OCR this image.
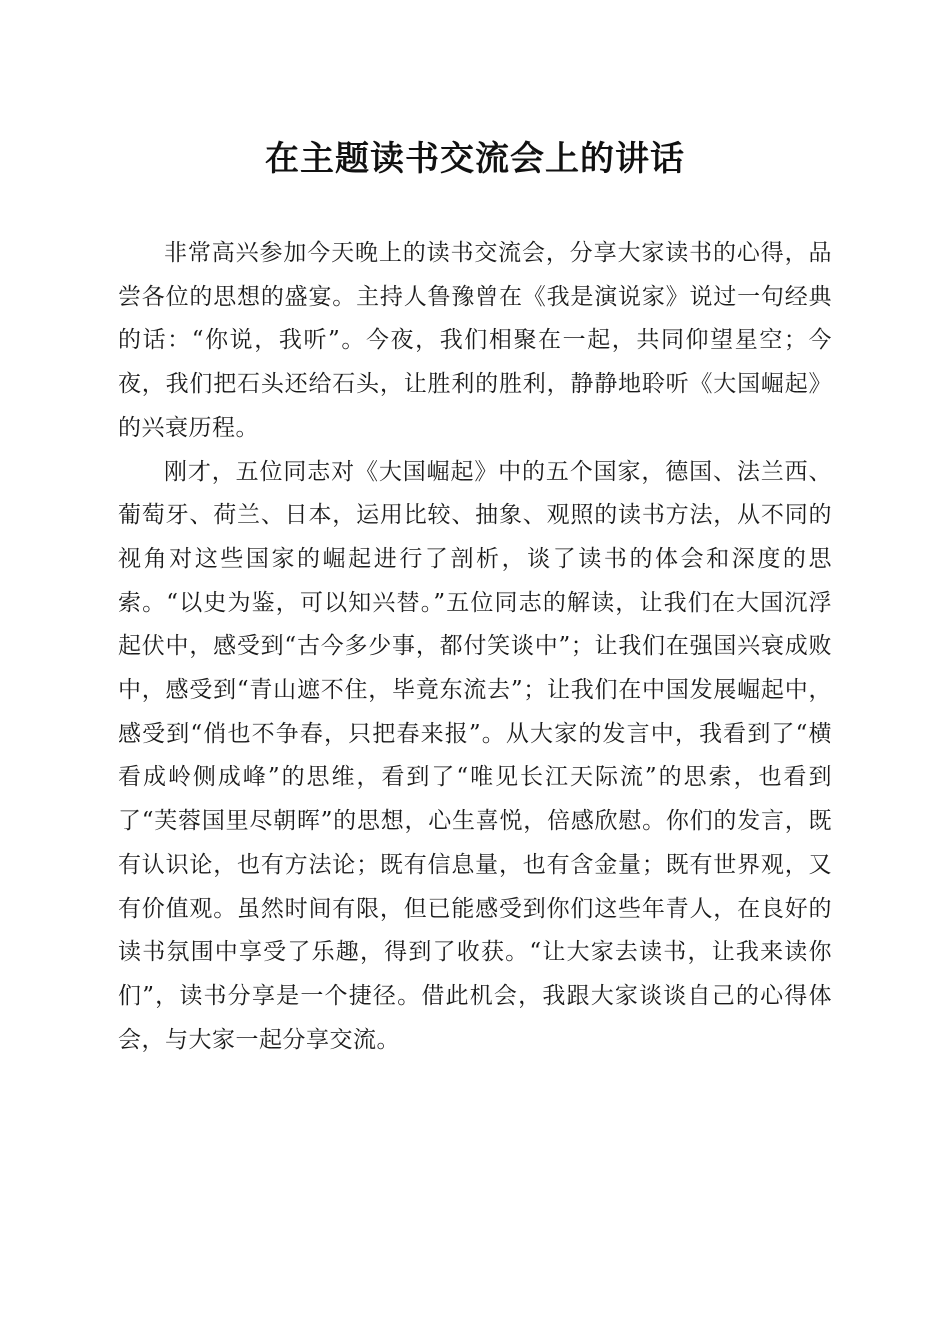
在主题读书交流会上的讲话

非常高兴参加今天晚上的读书交流会，分享大家读书的心得，品尝各位的思想的盛宴。主持人鲁豫曾在《我是演说家》说过一句经典的话：“你说，我听”。今夜，我们相聚在一起，共同仰望星空；今夜，我们把石头还给石头，让胜利的胜利，静静地聆听《大国崛起》的兴衰历程。

刚才，五位同志对《大国崛起》中的五个国家，德国、法兰西、葡萄牙、荷兰、日本，运用比较、抽象、观照的读书方法，从不同的视角对这些国家的崛起进行了剖析，谈了读书的体会和深度的思索。“以史为鉴，可以知兴替。”五位同志的解读，让我们在大国沉浮起伏中，感受到“古今多少事，都付笑谈中”；让我们在强国兴衰成败中，感受到“青山遮不住，毕竟东流去”；让我们在中国发展崛起中，感受到“俏也不争春，只把春来报”。从大家的发言中，我看到了“横看成岭侧成峰”的思维，看到了“唯见长江天际流”的思索，也看到了“芙蓉国里尽朝晖”的思想，心生喜悦，倍感欣慰。你们的发言，既有认识论，也有方法论；既有信息量，也有含金量；既有世界观，又有价值观。虽然时间有限，但已能感受到你们这些年青人，在良好的读书氛围中享受了乐趣，得到了收获。“让大家去读书，让我来读你们”，读书分享是一个捷径。借此机会，我跟大家谈谈自己的心得体会，与大家一起分享交流。
